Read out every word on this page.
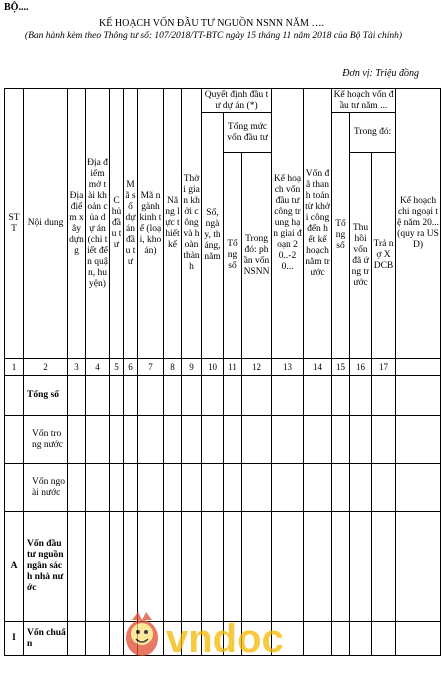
BỘ....
KẾ HOẠCH VỐN ĐẦU TƯ NGUỒN NSNN NĂM ….
(Ban hành kèm theo Thông tư số: 107/2018/TT-BTC ngày 15 tháng 11 năm 2018 của Bộ Tài chính)
Đơn vị: Triệu đồng
STT	Nội dung	Địa điểm xây dựng	Địa điểm mở tài khoản của dự án (chi tiết đến quận, huyện)	Chủ đầu tư	Mã số dự án đầu tư	Mã ngành kinh tế (loại, khoản)	Năng lực thiết kế	Thời gian khởi công và hoàn thành	Quyết định đầu tư dự án (*)			Kế hoạch vốn đầu tư công trung hạn giai đoạn 20..-20...	Vốn đã thanh toán từ khởi công đến hết kế hoạch năm trước	Kế hoạch vốn đầu tư năm ...			Kế hoạch chi ngoại tệ năm 20... (quy ra USD)
									Số, ngày, tháng, năm	Tổng mức vốn đầu tư				Tổng số	Trong đó:		
										Tổng số	Trong đó: phần vốn NSNN				Thu hồi vốn đã ứng trước	Trả nợ XDCB	
1	2	3	4	5	6	7	8	9	10	11	12	13	14	15	16	17	
	Tổng số																
	Vốn trong nước																
	Vốn ngoài nước																
A	Vốn đầu tư nguồn ngân sách nhà nước																
I	Vốn chuẩn																	vndoc
